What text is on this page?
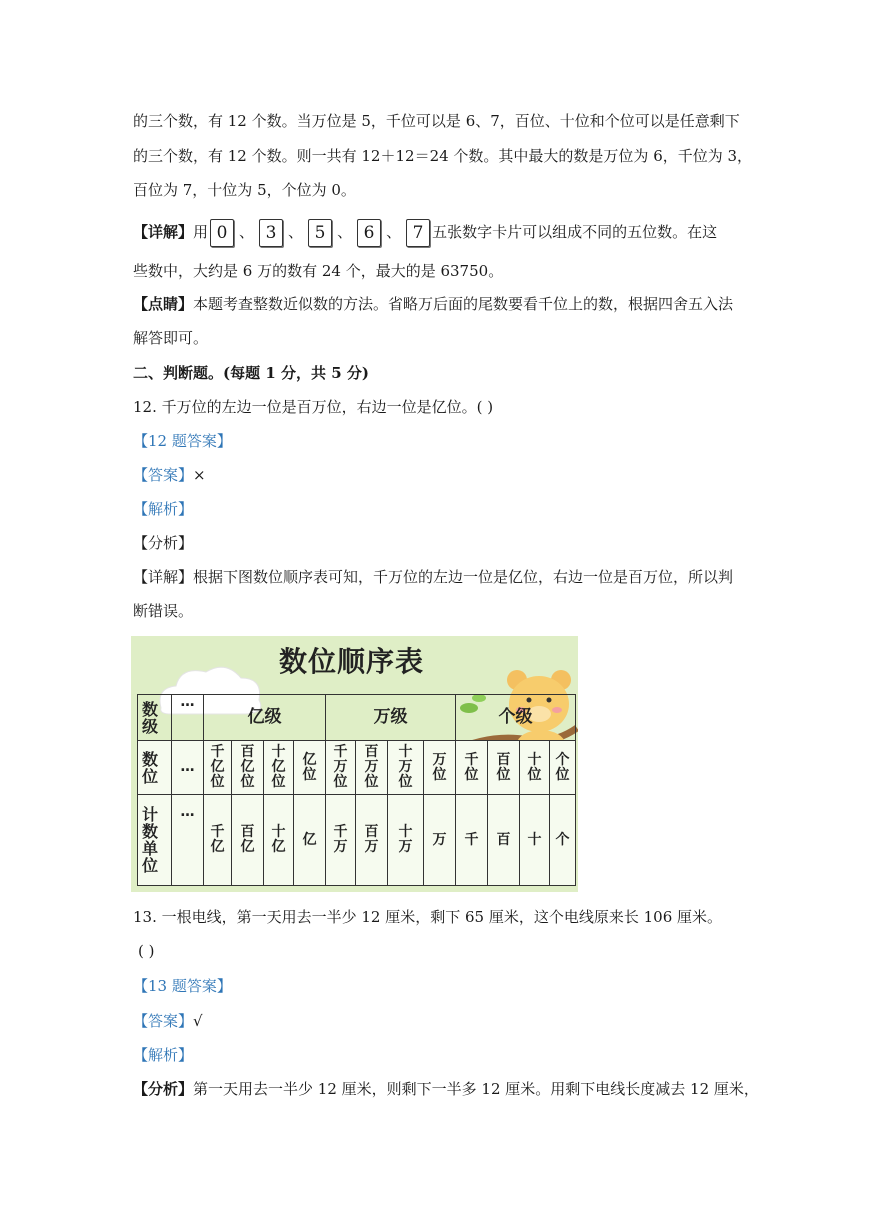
的三个数，有 12 个数。当万位是 5，千位可以是 6、7，百位、十位和个位可以是任意剩下
的三个数，有 12 个数。则一共有 12＋12＝24 个数。其中最大的数是万位为 6，千位为 3，
百位为 7，十位为 5，个位为 0。
【详解】用 0 、 3 、 5 、 6 、 7 五张数字卡片可以组成不同的五位数。在这
些数中，大约是 6 万的数有 24 个，最大的是 63750。
【点睛】本题考查整数近似数的方法。省略万后面的尾数要看千位上的数，根据四舍五入法
解答即可。
二、判断题。(每题 1 分，共 5 分)
12. 千万位的左边一位是百万位，右边一位是亿位。( )
【12 题答案】
【答案】×
【解析】
【分析】
【详解】根据下图数位顺序表可知，千万位的左边一位是亿位，右边一位是百万位，所以判
断错误。
数位顺序表
数级	…	亿级				万级				个级			
数位	…	千亿位	百亿位	十亿位	亿位	千万位	百万位	十万位	万位	千位	百位	十位	个位
计数单位	…	千亿	百亿	十亿	亿	千万	百万	十万	万	千	百	十	个
13. 一根电线，第一天用去一半少 12 厘米，剩下 65 厘米，这个电线原来长 106 厘米。
( )
【13 题答案】
【答案】√
【解析】
【分析】第一天用去一半少 12 厘米，则剩下一半多 12 厘米。用剩下电线长度减去 12 厘米，
